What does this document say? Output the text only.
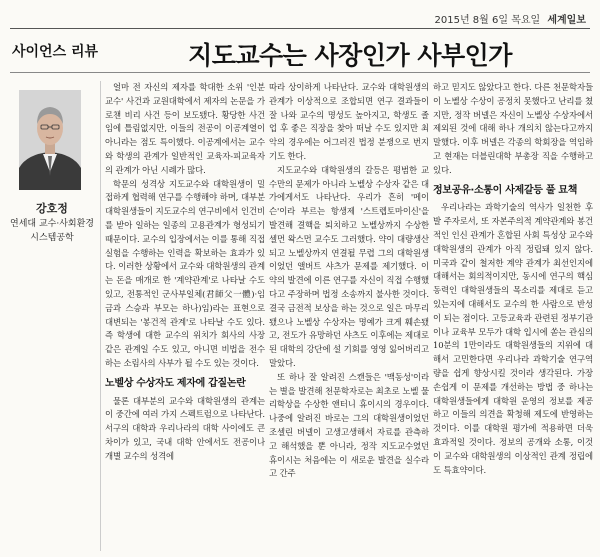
2015년 8월 6일 목요일 세계일보
사이언스 리뷰	지도교수는 사장인가 사부인가
강호정
연세대 교수·사회환경
시스템공학

얼마 전 자신의 제자를 학대한 소위 '인분교수' 사건과 교원대학에서 제자의 논문을 가로챈 비리 사건 등이 보도됐다. 황당한 사건임에 틀림없지만, 이들의 전공이 이공계열이 아니라는 점도 특이했다. 이공계에서는 교수와 학생의 관계가 일반적인 교육자-피교육자의 관계가 아닌 시례가 많다.

학문의 성격상 지도교수와 대학원생이 밀접하게 협력해 연구를 수행해야 하며, 대부분 대학원생들이 지도교수의 연구비에서 인건비를 받아 일하는 일종의 고용관계가 형성되기 때문이다. 교수의 입장에서는 이를 통해 직접 실험을 수행하는 인력을 확보하는 효과가 있다. 이러한 상황에서 교수와 대학원생의 관계는 돈을 매개로 한 '계약관계'로 나타날 수도 있고, 전통적인 군사부일체(君師父一體)·임금과 스승과 부모는 하나)임)라는 표현으로 대변되는 '봉건적 관계'로 나타날 수도 있다. 즉 학생에 대한 교수의 위치가 회사의 사장 같은 관계일 수도 있고, 아니면 비법을 전수하는 소림사의 사부가 될 수도 있는 것이다.

노벨상 수상자도 제자에 갑질논란

물론 대부분의 교수와 대학원생의 관계는 이 중간에 여러 가지 스펙트럼으로 나타난다. 서구의 대학과 우리나라의 대학 사이에도 큰 차이가 있고, 국내 대학 안에서도 전공이나 개별 교수의 성격에

따라 상이하게 나타난다. 교수와 대학원생의 관계가 이상적으로 조합되면 연구 결과들이 잘 나와 교수의 명성도 높아지고, 학생도 졸업 후 좋은 직장을 찾아 떠날 수도 있지만 최악의 경우에는 어그러진 법정 분쟁으로 번지기도 한다.

지도교수와 대학원생의 갈등은 평범한 교수만의 문제가 아니라 노벨상 수상자 같은 대가에게서도 나타난다. 우리가 흔히 '메이슨'이라 부르는 항생제 '스트렙토마이신'을 발견해 결핵을 퇴치하고 노벨상까지 수상한 셀먼 왁스먼 교수도 그러했다. 약이 대량생산되고 노벨상까지 연결될 무렵 그의 대학원생이었던 앨버트 샤츠가 문제를 제기했다. 이 약의 발견에 이른 연구를 자신이 직접 수행했다고 주장하며 법정 소송까지 불사한 것이다. 결국 금전적 보상을 하는 것으로 일은 마무리됐으나 노벨상 수상자는 명예가 크게 훼손됐고, 전도가 유망하던 샤츠도 이후에는 제대로 된 대학의 강단에 설 기회를 영영 잃어버리고 말았다.

또 하나 잘 알려진 스캔들은 '맥동성'이라는 별을 발견해 천문학자로는 최초로 노벨 물리학상을 수상한 앤터니 휴이시의 경우이다. 나중에 알려진 바로는 그의 대학원생이었던 조셀린 버넬이 고생고생해서 자료를 관측하고 해석했을 뿐 아니라, 정작 지도교수였던 휴이시는 처음에는 이 새로운 발견을 실수라고 간주

하고 믿지도 않았다고 한다. 다른 천문학자들이 노벨상 수상이 공정치 못했다고 난리를 쳤지만, 정작 버넬은 자신이 노벨상 수상자에서 제외된 것에 대해 하나 개의치 않는다고까지 말했다. 이후 버넬은 각종의 학회장을 역임하고 현재는 더블린대학 부총장 직을 수행하고 있다.

정보공유·소통이 사제갈등 풀 묘책

우리나라는 과학기술의 역사가 일천한 후발 주자로서, 또 자본주의적 계약관계와 봉건적인 인신 관계가 혼합된 사회 특성상 교수와 대학원생의 관계가 아직 정립돼 있지 않다. 미국과 같이 철저한 계약 관계가 최선인지에 대해서는 회의적이지만, 동시에 연구의 핵심 동력인 대학원생들의 목소리를 제대로 듣고 있는지에 대해서도 교수의 한 사람으로 반성이 되는 점이다. 고등교육과 관련된 정부기관이나 교육부 모두가 대학 입시에 쏟는 관심의 10분의 1만이라도 대학원생들의 지위에 대해서 고민한다면 우리나라 과학기술 연구역량을 쉽게 향상시킬 것이라 생각된다. 가장 손쉽게 이 문제를 개선하는 방법 중 하나는 대학원생들에게 대학원 운영의 정보를 제공하고 이들의 의견을 확청해 제도에 반영하는 것이다. 이를 대학원 평가에 적용하면 더욱 효과적일 것이다. 정보의 공개와 소통, 이것이 교수와 대학원생의 이상적인 관계 정립에도 특효약이다.
